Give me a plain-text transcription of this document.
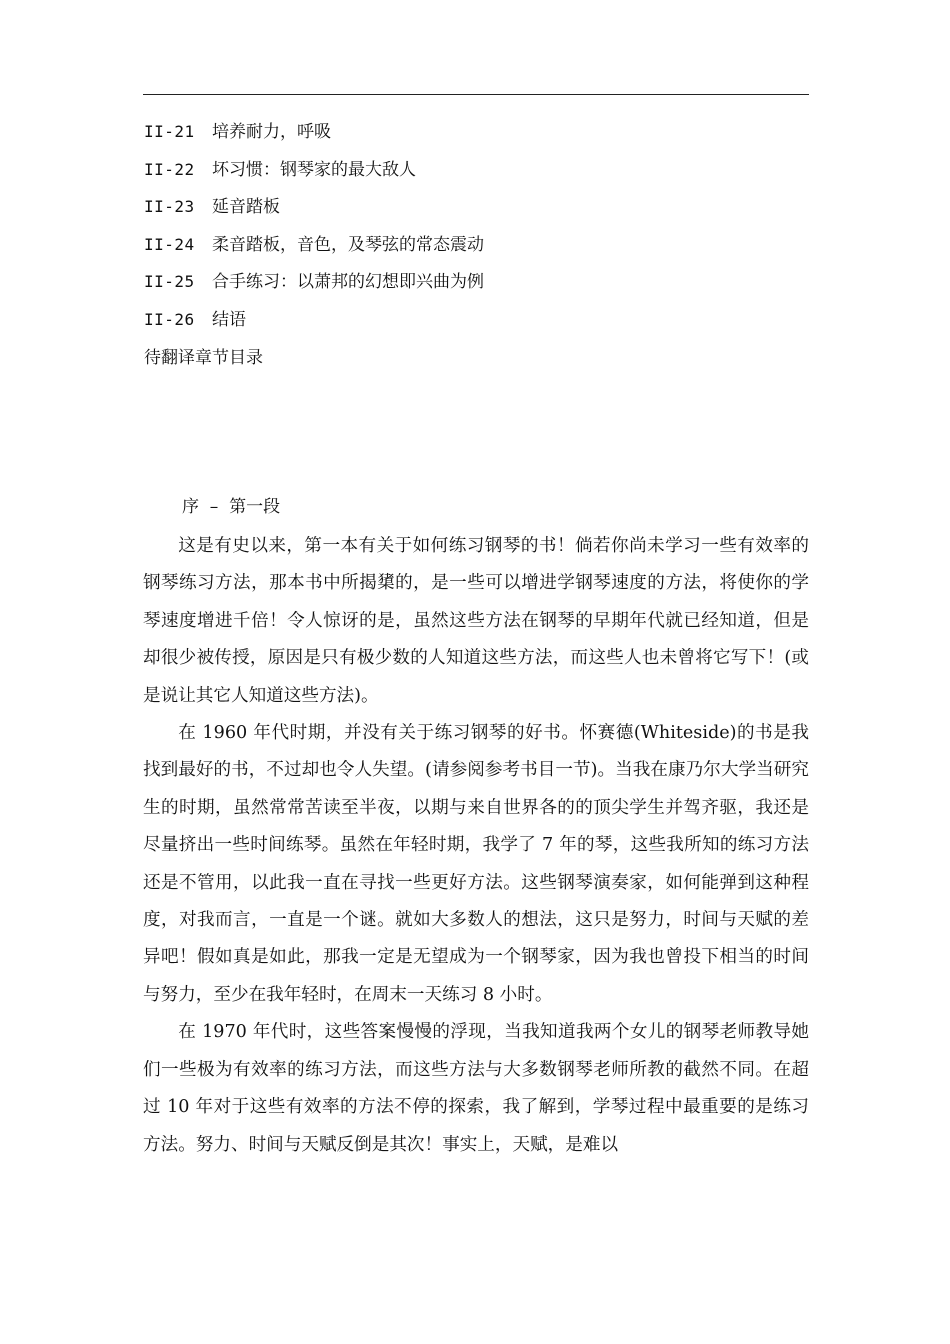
II-21 培养耐力，呼吸
II-22 坏习惯：钢琴家的最大敌人
II-23 延音踏板
II-24 柔音踏板，音色，及琴弦的常态震动
II-25 合手练习：以萧邦的幻想即兴曲为例
II-26 结语
待翻译章节目录
序  –  第一段

这是有史以来，第一本有关于如何练习钢琴的书！倘若你尚未学习一些有效率的钢琴练习方法，那本书中所揭橥的，是一些可以增进学钢琴速度的方法，将使你的学琴速度增进千倍！令人惊讶的是，虽然这些方法在钢琴的早期年代就已经知道，但是却很少被传授，原因是只有极少数的人知道这些方法，而这些人也未曾将它写下！(或是说让其它人知道这些方法)。

在 1960 年代时期，并没有关于练习钢琴的好书。怀赛德(Whiteside)的书是我找到最好的书，不过却也令人失望。(请参阅参考书目一节)。当我在康乃尔大学当研究生的时期，虽然常常苦读至半夜，以期与来自世界各的的顶尖学生并驾齐驱，我还是尽量挤出一些时间练琴。虽然在年轻时期，我学了 7 年的琴，这些我所知的练习方法还是不管用，以此我一直在寻找一些更好方法。这些钢琴演奏家，如何能弹到这种程度，对我而言，一直是一个谜。就如大多数人的想法，这只是努力，时间与天赋的差异吧！假如真是如此，那我一定是无望成为一个钢琴家，因为我也曾投下相当的时间与努力，至少在我年轻时，在周末一天练习 8 小时。

在 1970 年代时，这些答案慢慢的浮现，当我知道我两个女儿的钢琴老师教导她们一些极为有效率的练习方法，而这些方法与大多数钢琴老师所教的截然不同。在超过 10 年对于这些有效率的方法不停的探索，我了解到，学琴过程中最重要的是练习方法。努力、时间与天赋反倒是其次！事实上，天赋，是难以
